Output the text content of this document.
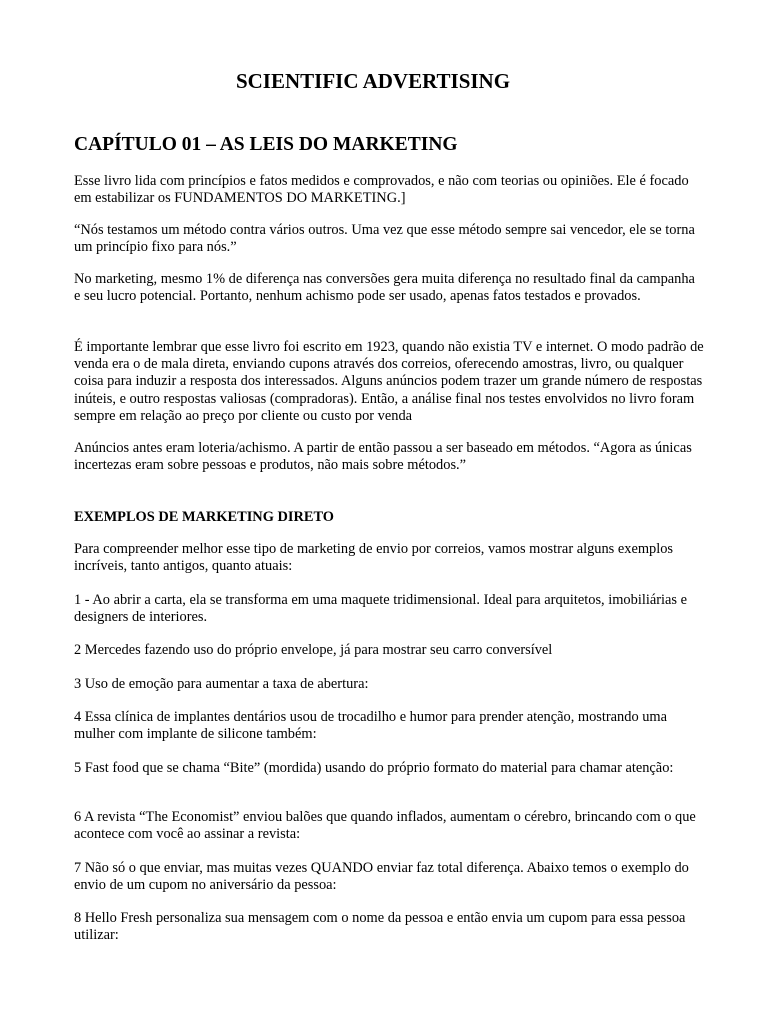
SCIENTIFIC ADVERTISING
CAPÍTULO 01 – AS LEIS DO MARKETING

Esse livro lida com princípios e fatos medidos e comprovados, e não com teorias ou opiniões. Ele é focado em estabilizar os FUNDAMENTOS DO MARKETING.]

“Nós testamos um método contra vários outros. Uma vez que esse método sempre sai vencedor, ele se torna um princípio fixo para nós.”

No marketing, mesmo 1% de diferença nas conversões gera muita diferença no resultado final da campanha e seu lucro potencial. Portanto, nenhum achismo pode ser usado, apenas fatos testados e provados.

É importante lembrar que esse livro foi escrito em 1923, quando não existia TV e internet. O modo padrão de venda era o de mala direta, enviando cupons através dos correios, oferecendo amostras, livro, ou qualquer coisa para induzir a resposta dos interessados. Alguns anúncios podem trazer um grande número de respostas inúteis, e outro respostas valiosas (compradoras). Então, a análise final nos testes envolvidos no livro foram sempre em relação ao preço por cliente ou custo por venda

Anúncios antes eram loteria/achismo. A partir de então passou a ser baseado em métodos. “Agora as únicas incertezas eram sobre pessoas e produtos, não mais sobre métodos.”

EXEMPLOS DE MARKETING DIRETO

Para compreender melhor esse tipo de marketing de envio por correios, vamos mostrar alguns exemplos incríveis, tanto antigos, quanto atuais:

1 - Ao abrir a carta, ela se transforma em uma maquete tridimensional. Ideal para arquitetos, imobiliárias e designers de interiores.

2 Mercedes fazendo uso do próprio envelope, já para mostrar seu carro conversível

3 Uso de emoção para aumentar a taxa de abertura:

4 Essa clínica de implantes dentários usou de trocadilho e humor para prender atenção, mostrando uma mulher com implante de silicone também:

5 Fast food que se chama “Bite” (mordida) usando do próprio formato do material para chamar atenção:

6 A revista “The Economist” enviou balões que quando inflados, aumentam o cérebro, brincando com o que acontece com você ao assinar a revista:

7 Não só o que enviar, mas muitas vezes QUANDO enviar faz total diferença. Abaixo temos o exemplo do envio de um cupom no aniversário da pessoa:

8 Hello Fresh personaliza sua mensagem com o nome da pessoa e então envia um cupom para essa pessoa utilizar:
